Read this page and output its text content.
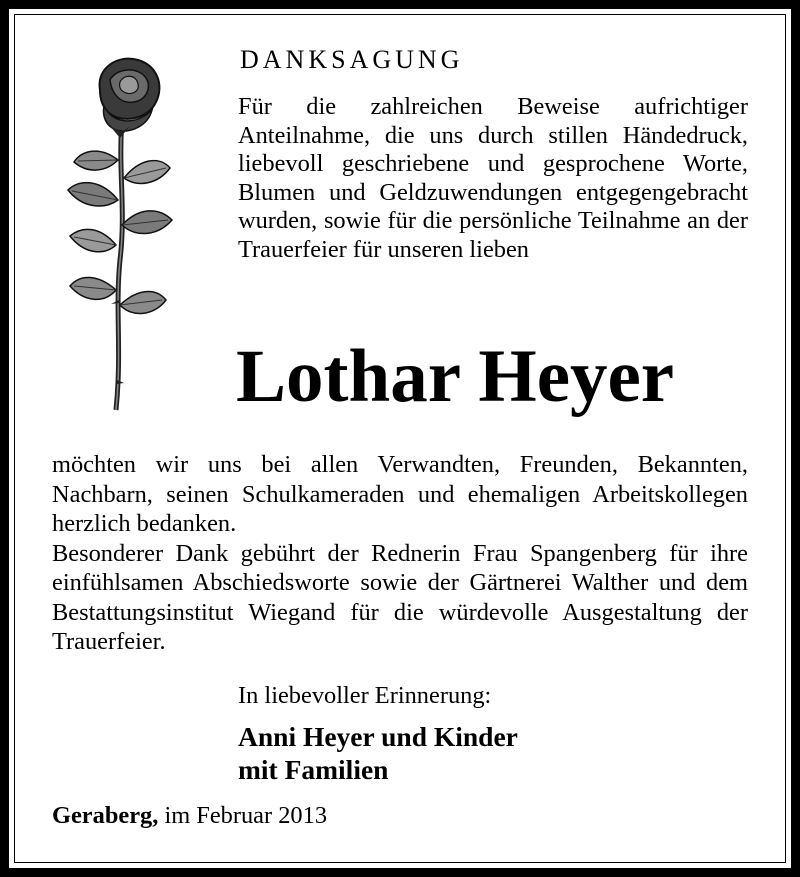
DANKSAGUNG

Für die zahlreichen Beweise aufrichtiger Anteilnahme, die uns durch stillen Händedruck, liebevoll geschriebene und gesprochene Worte, Blumen und Geldzuwendungen entgegengebracht wurden, sowie für die persönliche Teilnahme an der Trauerfeier für unseren lieben

Lothar Heyer

möchten wir uns bei allen Verwandten, Freunden, Bekannten, Nachbarn, seinen Schulkameraden und ehemaligen Arbeitskollegen herzlich bedanken.

Besonderer Dank gebührt der Rednerin Frau Spangenberg für ihre einfühlsamen Abschiedsworte sowie der Gärtnerei Walther und dem Bestattungsinstitut Wiegand für die würdevolle Ausgestaltung der Trauerfeier.

In liebevoller Erinnerung:
Anni Heyer und Kinder
mit Familien
Geraberg, im Februar 2013
